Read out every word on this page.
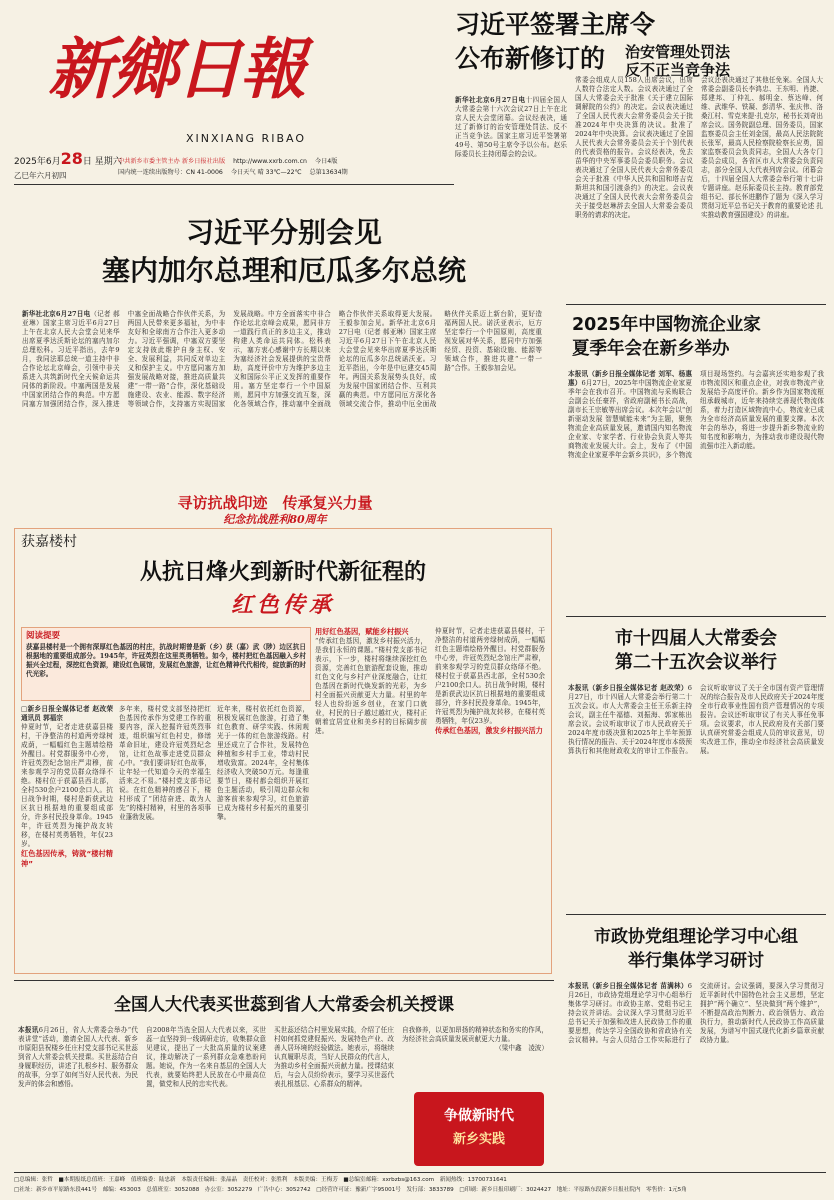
新鄉日報
XINXIANG RIBAO
2025年6月28日 星期六
乙巳年六月初四
中共新乡市委主管主办 新乡日报社出版 http://www.xxrb.com.cn 今日4版
国内统一连续出版物号：CN 41-0006 今日天气 晴 33℃—22℃ 总第13634期
习近平签署主席令
公布新修订的 治安管理处罚法
反不正当竞争法
新华社北京6月27日电十四届全国人大常委会第十六次会议27日上午在北京人民大会堂闭幕。会议经表决，通过了新修订的治安管理处罚法、反不正当竞争法。国家主席习近平签署第49号、第50号主席令予以公布。赵乐际委员长主持闭幕会的会议。
常委会组成人员158人出席会议，出席人数符合法定人数。会议表决通过了全国人大常委会关于批准《关于建立国际调解院的公约》的决定。会议表决通过了全国人民代表大会常务委员会关于批准2024年中央决算的决议。批准了2024年中央决算。会议表决通过了全国人民代表大会常务委员会关于个别代表的代表资格的报告。会议经表决，免去苗华的中央军事委员会委员职务。会议表决通过了全国人民代表大会常务委员会关于批准《中华人民共和国和塔吉克斯坦共和国引渡条约》的决定。会议表决通过了全国人民代表大会常务委员会关于接受赵琳辞去全国人大常委会委员职务的请求的决定。
会议还表决通过了其他任免案。全国人大常委会副委员长李鸿忠、王东明、肖捷、郑建邦、丁仲礼、郝明金、蔡达峰、何维、武维华、铁凝、彭清华、张庆伟、洛桑江村、雪克来提·扎克尔，秘书长刘奇出席会议。国务院副总理、国务委员，国家监察委员会主任刘金国，最高人民法院院长张军，最高人民检察院检察长应勇，国家监察委员会负责同志，全国人大各专门委员会成员，各省区市人大常委会负责同志，部分全国人大代表列席会议。闭幕会后，十四届全国人大常委会举行第十七讲专题讲座。赵乐际委员长主持。教育部党组书记、部长怀进鹏作了题为《深入学习贯彻习近平总书记关于教育的重要论述 扎实推动教育强国建设》的讲座。
习近平分别会见
塞内加尔总理和厄瓜多尔总统
新华社北京6月27日电（记者 郝亚琳）国家主席习近平6月27日上午在北京人民大会堂会见来华出席夏季达沃斯论坛的塞内加尔总理松科。习近平指出，去年9月，我同法耶总统一道主持中非合作论坛北京峰会，引领中非关系进入共筑新时代全天候命运共同体的新阶段。中塞两国是发展中国家团结合作的典范。中方愿同塞方加强团结合作，深入推进中塞全面战略合作伙伴关系，为两国人民带来更多福祉，为中非友好和全球南方合作注入更多动力。习近平强调，中塞双方要坚定支持彼此维护自身主权、安全、发展利益，共同反对单边主义和保护主义。中方愿同塞方加强发展战略对接，推进高质量共建“一带一路”合作，深化基础设施建设、农业、能源、数字经济等领域合作，支持塞方实现国家发展战略。中方全面落实中非合作论坛北京峰会成果，愿同非方一道践行真正的多边主义，推动构建人类命运共同体。松科表示，塞方衷心感谢中方长期以来为塞经济社会发展提供的宝贵帮助，高度评价中方为维护多边主义和国际公平正义发挥的重要作用。塞方坚定奉行一个中国原则，愿同中方加强交流互鉴，深化各领域合作，推动塞中全面战略合作伙伴关系取得更大发展。王毅参加会见。新华社北京6月27日电（记者 郝亚琳）国家主席习近平6月27日下午在北京人民大会堂会见来华出席夏季达沃斯论坛的厄瓜多尔总统诺沃亚。习近平指出，今年是中厄建交45周年。两国关系发展势头良好，成为发展中国家团结合作、互利共赢的典范。中方愿同厄方深化各领域交流合作，推动中厄全面战略伙伴关系迈上新台阶，更好造福两国人民。诺沃亚表示，厄方坚定奉行一个中国原则，高度重视发展对华关系，愿同中方加强经贸、投资、基础设施、能源等领域合作，推进共建“一带一路”合作。王毅参加会见。
2025年中国物流企业家
夏季年会在新乡举办
本报讯（新乡日报全媒体记者 刘军、杨惠惠）6月27日，2025年中国物流企业家夏季年会在我市召开。中国物流与采购联合会副会长任豪祥，省政府副秘书长高战，副市长王宗敏等出席会议。本次年会以“创新驱动发展 智慧赋能未来”为主题，聚焦物流企业高质量发展，邀请国内知名物流企业家、专家学者、行业协会负责人等共商物流业发展大计。会上，发布了《中国物流企业家夏季年会新乡共识》，多个物流项目现场签约。与会嘉宾还实地参观了我市物流园区和重点企业，对我市物流产业发展给予高度评价。新乡作为国家物流枢纽承载城市，近年来持续完善现代物流体系，着力打造区域物流中心，物流业已成为全市经济高质量发展的重要支撑。本次年会的举办，将进一步提升新乡物流业的知名度和影响力，为推动我市建设现代物流强市注入新动能。
寻访抗战印迹　传承复兴力量
纪念抗战胜利80周年
获嘉楼村
从抗日烽火到新时代新征程的
红色传承
阅读提要
获嘉县楼村是一个拥有深厚红色基因的村庄，抗战时期曾是新（乡）获（嘉）武（陟）边区抗日根据地的重要组成部分。1945年，许冠英烈在这里英勇牺牲。如今，楼村把红色基因融入乡村振兴全过程，深挖红色资源，建设红色展馆，发展红色旅游，让红色精神代代相传，绽放新的时代光彩。
□新乡日报全媒体记者 赵改荣　通讯员 郭福宗
仲夏时节，记者走进获嘉县楼村，干净整洁的村道两旁绿树成荫，一幅幅红色主题墙绘格外醒目。村党群服务中心旁，许冠英烈纪念馆庄严肃穆，前来参观学习的党员群众络绎不绝。楼村位于获嘉县西北部，全村530余户2100余口人。抗日战争时期，楼村是新获武边区抗日根据地的重要组成部分，许多村民投身革命。1945年，许冠英烈为掩护战友转移，在楼村英勇牺牲，年仅23岁。
红色基因传承，铸就“楼村精神”
多年来，楼村党支部坚持把红色基因传承作为党建工作的重要内容，深入挖掘许冠英烈事迹，组织编写红色村史，修缮革命旧址，建设许冠英烈纪念馆，让红色故事走进党员群众心中。“我们要讲好红色故事，让年轻一代知道今天的幸福生活来之不易。”楼村党支部书记说。在红色精神的感召下，楼村形成了“团结奋进、敢为人先”的楼村精神，村里的各项事业蓬勃发展。
近年来，楼村依托红色资源，积极发展红色旅游，打造了集红色教育、研学实践、休闲观光于一体的红色旅游线路。村里还成立了合作社，发展特色种植和乡村手工业，带动村民增收致富。2024年，全村集体经济收入突破50万元。每逢重要节日，楼村都会组织开展红色主题活动，吸引周边群众和游客前来参观学习，红色旅游已成为楼村乡村振兴的重要引擎。
用好红色基因，赋能乡村振兴
“传承红色基因，激发乡村振兴活力，是我们永恒的课题。”楼村党支部书记表示，下一步，楼村将继续深挖红色资源，完善红色旅游配套设施，推动红色文化与乡村产业深度融合，让红色基因在新时代焕发新的光彩，为乡村全面振兴贡献更大力量。村里的年轻人也纷纷返乡创业，在家门口就业，村民的日子越过越红火，楼村正朝着宜居宜业和美乡村的目标阔步前进。
仲夏时节，记者走进获嘉县楼村，干净整洁的村道两旁绿树成荫，一幅幅红色主题墙绘格外醒目。村党群服务中心旁，许冠英烈纪念馆庄严肃穆，前来参观学习的党员群众络绎不绝。楼村位于获嘉县西北部，全村530余户2100余口人。抗日战争时期，楼村是新获武边区抗日根据地的重要组成部分，许多村民投身革命。1945年，许冠英烈为掩护战友转移，在楼村英勇牺牲，年仅23岁。
传承红色基因，激发乡村振兴活力
市十四届人大常委会
第二十五次会议举行
本报讯（新乡日报全媒体记者 赵改荣）6月27日，市十四届人大常委会举行第二十五次会议。市人大常委会主任王乐新主持会议，副主任牛福德、刘振海、郭家栋出席会议。会议听取审议了市人民政府关于2024年度市级决算和2025年上半年预算执行情况的报告、关于2024年度市本级预算执行和其他财政收支的审计工作报告。会议听取审议了关于全市国有资产管理情况的综合报告及市人民政府关于2024年度全市行政事业性国有资产管理情况的专项报告。会议还听取审议了有关人事任免事项。会议要求，市人民政府及有关部门要认真研究常委会组成人员的审议意见，切实改进工作，推动全市经济社会高质量发展。
市政协党组理论学习中心组
举行集体学习研讨
本报讯（新乡日报全媒体记者 苗满林）6月26日，市政协党组理论学习中心组举行集体学习研讨。市政协主席、党组书记主持会议并讲话。会议深入学习贯彻习近平总书记关于加强和改进人民政协工作的重要思想，传达学习全国政协和省政协有关会议精神。与会人员结合工作实际进行了交流研讨。会议强调，要深入学习贯彻习近平新时代中国特色社会主义思想，坚定拥护“两个确立”、坚决做到“两个维护”，不断提高政治判断力、政治领悟力、政治执行力，推动新时代人民政协工作高质量发展，为谱写中国式现代化新乡篇章贡献政协力量。
全国人大代表买世蕊到省人大常委会机关授课
本报讯6月26日，省人大常委会举办“代表讲堂”活动，邀请全国人大代表、新乡市原阳县祝楼乡任庄村党支部书记买世蕊到省人大常委会机关授课。买世蕊结合自身履职经历，讲述了扎根乡村、服务群众的故事，分享了如何当好人民代表、为民发声的体会和感悟。
自2008年当选全国人大代表以来，买世蕊一直坚持到一线调研走访，收集群众意见建议，提出了一大批高质量的议案建议，推动解决了一系列群众急难愁盼问题。她说，作为一名来自基层的全国人大代表，就要始终把人民放在心中最高位置，做党和人民的忠实代表。
买世蕊还结合村里发展实践，介绍了任庄村如何抓党建促振兴、发展特色产业、改善人居环境的经验做法。她表示，将继续认真履职尽责，当好人民群众的代言人，为推动乡村全面振兴贡献力量。授课结束后，与会人员纷纷表示，要学习买世蕊代表扎根基层、心系群众的精神。
自我修养，以更加昂扬的精神状态和务实的作风，为经济社会高质量发展贡献更大力量。

（梁中鑫　凌波）
争做新时代
新乡实践
□总编辑：张哲　■本期报纸总值班：王嘉峰　值班编委：陆忠新　本版责任编辑：张晶晶　责任校对：张胜利　本版美编：王梅芳　■总编室邮箱：xxrbzbs@163.com　新闻热线：13700731641
□社址：新乡市平原路东段441号　邮编：453003　总值班室：3052088　办公室：3052279　广告中心：3052742　□经营许可证：豫新广字95001号　发行部：3833789　□印刷：新乡日报印刷厂：3024427　地址：平原路东段新乡日报社院内　零售价：1元5角
